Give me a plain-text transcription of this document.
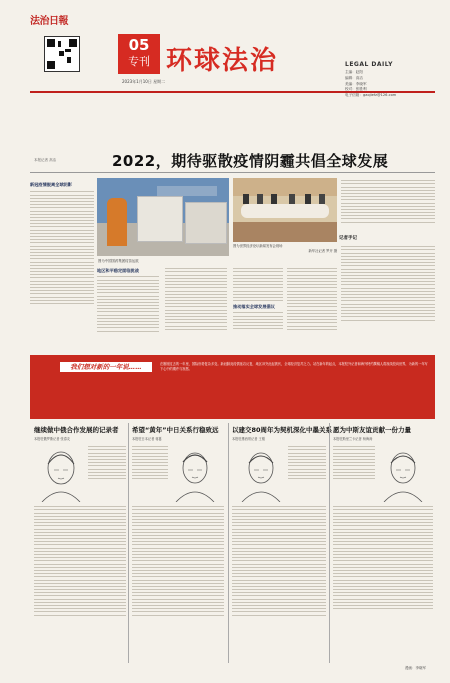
法治日報
05
专刊 环球法治
2023年1月10日 星期二
LEGAL DAILY
主编：赵阳
编辑：高洁
美编：李晓军
校对：张胜利
电子信箱：gaojiefz@126.com
本报记者 高洁	2022，期待驱散疫情阴霾共倡全球发展
新冠疫情脱离全球阴影
图为中国国药集团疫苗运抵
图为世界经济论坛新闻发布会现场
新华社记者 罗开 摄
地区和平稳定面临挑战
推动落实全球发展倡议
记者手记
我们想对新的一年说……	在刚刚过去的一年里，国际形势复杂多变。新冠肺炎疫情延宕反复，地区冲突此起彼伏，全球经济复苏乏力。站在新年的起点，本报驻外记者和海外特约撰稿人将视线投向世界，为新的一年写下心中的期许与祝愿。
继续做中俄合作发展的记录者
本报驻俄罗斯记者 张春友
希望“黄年”中日关系行稳致远
本报驻日本记者 蒋蔓
以建交80周年为契机深化中墨关系
本报驻墨西哥记者 王刚
愿为中斯友谊贡献一份力量
本报驻斯里兰卡记者 杨海涛
漫画：李晓军
